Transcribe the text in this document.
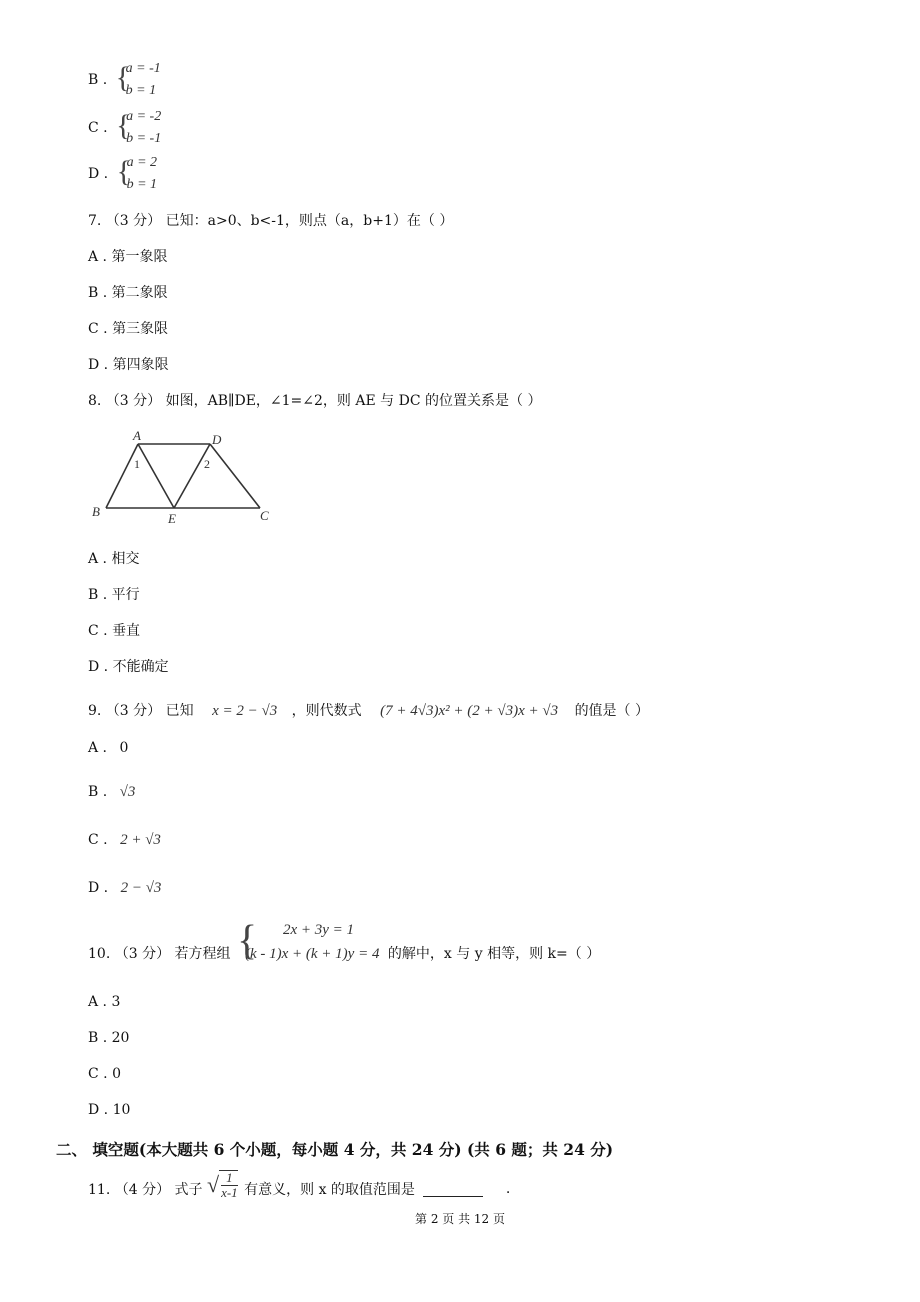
B . {
a = -1
b = 1
C . {
a = -2
b = -1
D . {
a = 2
b = 1
7. （3 分） 已知：a>0、b<-1，则点（a，b+1）在（ ）
A . 第一象限
B . 第二象限
C . 第三象限
D . 第四象限
8. （3 分） 如图，AB∥DE，∠1=∠2，则 AE 与 DC 的位置关系是（ ）
A	D
B	E	C
1	2
A . 相交
B . 平行
C . 垂直
D . 不能确定
9. （3 分） 已知 x = 2 − √3 ，则代数式 (7 + 4√3)x² + (2 + √3)x + √3 的值是（ ）
A . 0
B . √3
C . 2 + √3
D . 2 − √3
10. （3 分） 若方程组 {	2x + 3y = 1
(k - 1)x + (k + 1)y = 4 的解中，x 与 y 相等，则 k=（ ）
A . 3
B . 20
C . 0
D . 10
二、 填空题(本大题共 6 个小题，每小题 4 分，共 24 分) (共 6 题；共 24 分)
11. （4 分） 式子 √ $\frac{1}{x-1}$ 有意义，则 x 的取值范围是	.
第 2 页 共 12 页
